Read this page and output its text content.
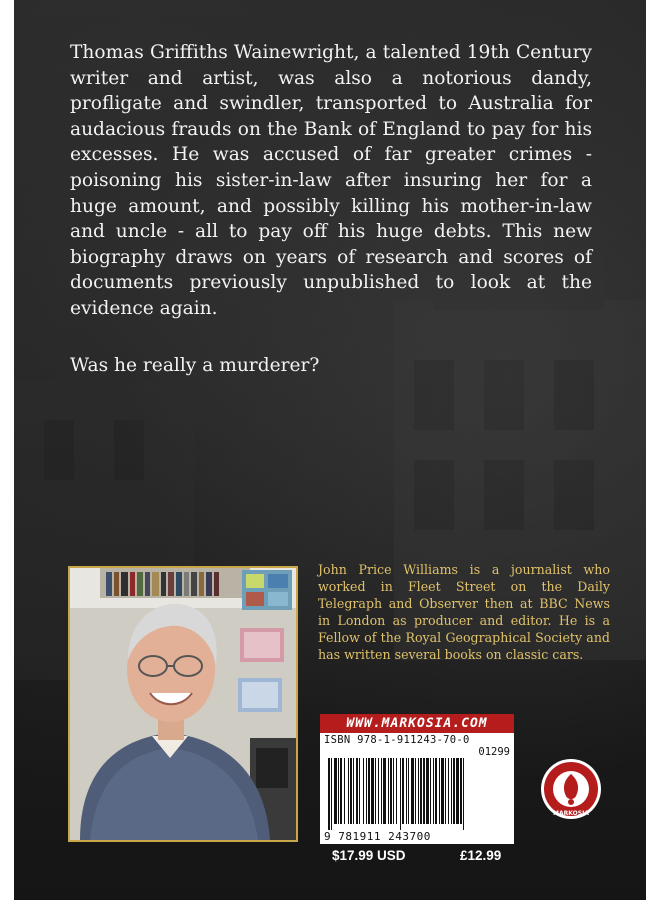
Thomas Griffiths Wainewright, a talented 19th Century writer and artist, was also a notorious dandy, profligate and swindler, transported to Australia for audacious frauds on the Bank of England to pay for his excesses. He was accused of far greater crimes - poisoning his sister-in-law after insuring her for a huge amount, and possibly killing his mother-in-law and uncle - all to pay off his huge debts. This new biography draws on years of research and scores of documents previously unpublished to look at the evidence again.

Was he really a murderer?

John Price Williams is a journalist who worked in Fleet Street on the Daily Telegraph and Observer then at BBC News in London as producer and editor. He is a Fellow of the Royal Geographical Society and has written several books on classic cars.

WWW.MARKOSIA.COM
ISBN 978-1-911243-70-0
01299
9 781911 243700
$17.99 USD	£12.99
MARKOSIA
